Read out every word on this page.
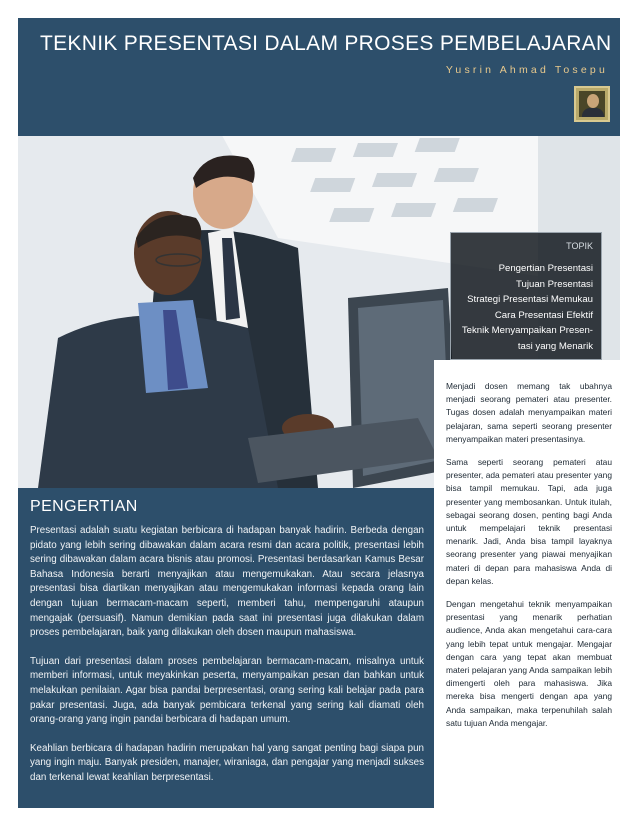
TEKNIK PRESENTASI DALAM PROSES PEMBELAJARAN
Yusrin Ahmad Tosepu
TOPIK
Pengertian Presentasi
Tujuan Presentasi
Strategi Presentasi Memukau
Cara Presentasi Efektif
Teknik Menyampaikan Presen-
tasi yang Menarik
PENGERTIAN

Presentasi adalah suatu kegiatan berbicara di hadapan banyak hadirin. Berbeda dengan pidato yang lebih sering dibawakan dalam acara resmi dan acara politik, presentasi lebih sering dibawakan dalam acara bisnis atau promosi. Presentasi berdasarkan Kamus Besar Bahasa Indonesia berarti menyajikan atau mengemukakan. Atau secara jelasnya presentasi bisa diartikan menyajikan atau mengemukakan informasi kepada orang lain dengan tujuan bermacam-macam seperti, memberi tahu, mempengaruhi ataupun mengajak (persuasif). Namun demikian pada saat ini presentasi juga dilakukan dalam proses pembelajaran, baik yang dilakukan oleh dosen maupun mahasiswa.

Tujuan dari presentasi dalam proses pembelajaran bermacam-macam, misalnya untuk memberi informasi, untuk meyakinkan peserta, menyampaikan pesan dan bahkan untuk melakukan penilaian. Agar bisa pandai berpresentasi, orang sering kali belajar pada para pakar presentasi. Juga, ada banyak pembicara terkenal yang sering kali diamati oleh orang-orang yang ingin pandai berbicara di hadapan umum.

Keahlian berbicara di hadapan hadirin merupakan hal yang sangat penting bagi siapa pun yang ingin maju. Banyak presiden, manajer, wiraniaga, dan pengajar yang menjadi sukses dan terkenal lewat keahlian berpresentasi.

Menjadi dosen memang tak ubahnya menjadi seorang pemateri atau presenter. Tugas dosen adalah menyampaikan materi pelajaran, sama seperti seorang presenter menyampaikan materi presentasinya.

Sama seperti seorang pemateri atau presenter, ada pemateri atau presenter yang bisa tampil memukau. Tapi, ada juga presenter yang membosankan. Untuk itulah, sebagai seorang dosen, penting bagi Anda untuk mempelajari teknik presentasi menarik. Jadi, Anda bisa tampil layaknya seorang presenter yang piawai menyajikan materi di depan para mahasiswa Anda di depan kelas.

Dengan mengetahui teknik menyampaikan presentasi yang menarik perhatian audience, Anda akan mengetahui cara-cara yang lebih tepat untuk mengajar. Mengajar dengan cara yang tepat akan membuat materi pelajaran yang Anda sampaikan lebih dimengerti oleh para mahasiswa. Jika mereka bisa mengerti dengan apa yang Anda sampaikan, maka terpenuhilah salah satu tujuan Anda mengajar.
